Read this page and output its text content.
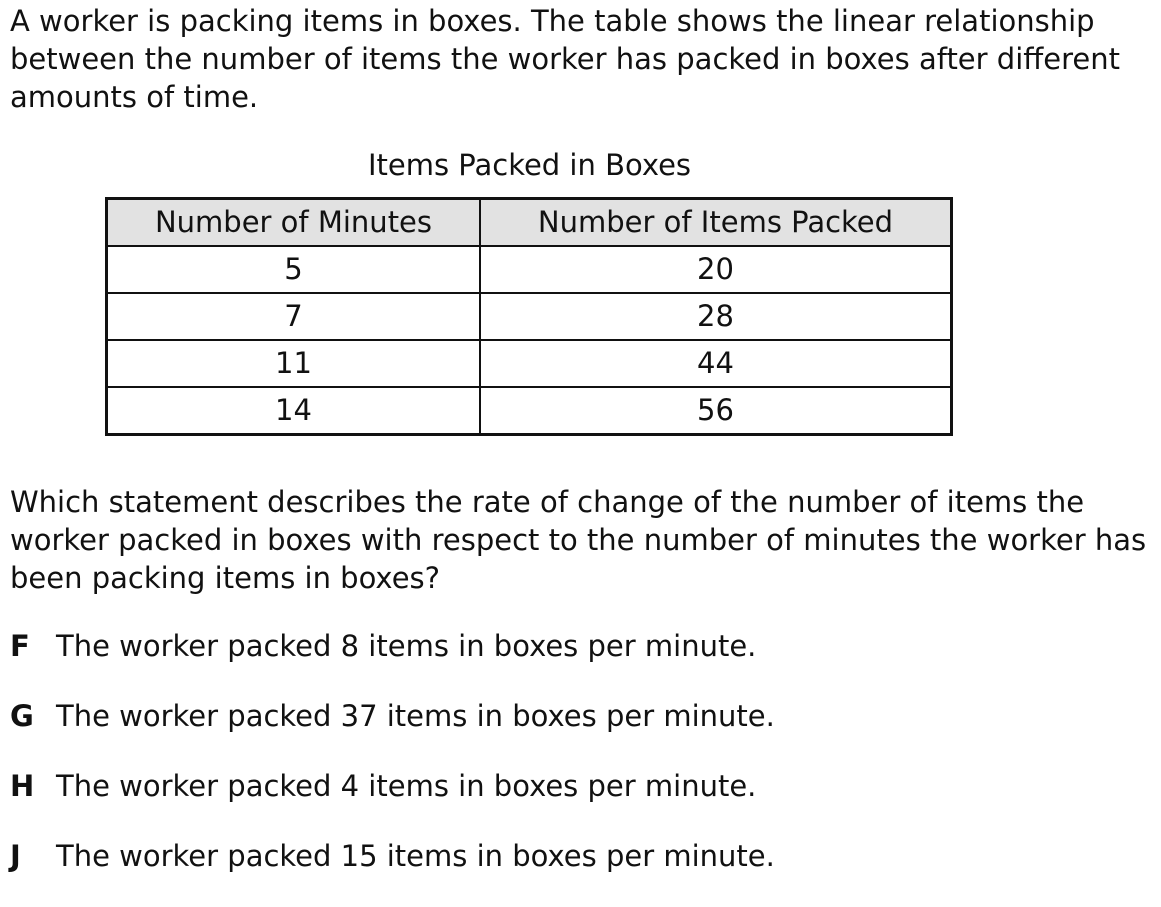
A worker is packing items in boxes. The table shows the linear relationship between the number of items the worker has packed in boxes after different amounts of time.

Items Packed in Boxes

Number of Minutes	Number of Items Packed
5	20
7	28
11	44
14	56

Which statement describes the rate of change of the number of items the worker packed in boxes with respect to the number of minutes the worker has been packing items in boxes?

F The worker packed 8 items in boxes per minute.
G The worker packed 37 items in boxes per minute.
H The worker packed 4 items in boxes per minute.
J The worker packed 15 items in boxes per minute.
